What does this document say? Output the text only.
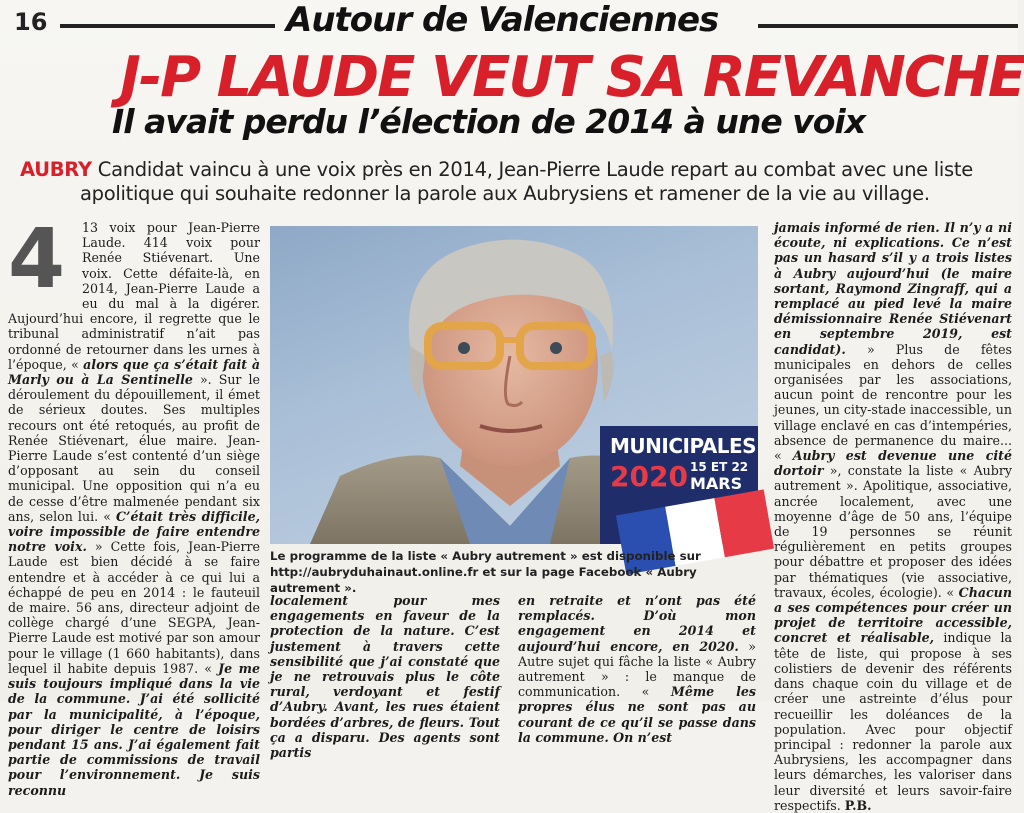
16	Autour de Valenciennes
J-P LAUDE VEUT SA REVANCHE
Il avait perdu l’élection de 2014 à une voix
AUBRY Candidat vaincu à une voix près en 2014, Jean-Pierre Laude repart au combat avec une liste
apolitique qui souhaite redonner la parole aux Aubrysiens et ramener de la vie au village.
4	13 voix pour Jean-Pierre Laude. 414 voix pour Renée Stiévenart. Une voix. Cette défaite-là, en 2014, Jean-Pierre Laude a eu du mal à la digérer. Aujourd’hui encore, il regrette que le tribunal administratif n’ait pas ordonné de retourner dans les urnes à l’époque, « alors que ça s’était fait à Marly ou à La Sentinelle ». Sur le déroulement du dépouillement, il émet de sérieux doutes. Ses multiples recours ont été retoqués, au profit de Renée Stiévenart, élue maire. Jean-Pierre Laude s’est contenté d’un siège d’opposant au sein du conseil municipal. Une opposition qui n’a eu de cesse d’être malmenée pendant six ans, selon lui. « C’était très difficile, voire impossible de faire entendre notre voix. » Cette fois, Jean-Pierre Laude est bien décidé à se faire entendre et à accéder à ce qui lui a échappé de peu en 2014 : le fauteuil de maire. 56 ans, directeur adjoint de collège chargé d’une SEGPA, Jean-Pierre Laude est motivé par son amour pour le village (1 660 habitants), dans lequel il habite depuis 1987. « Je me suis toujours impliqué dans la vie de la commune. J’ai été sollicité par la municipalité, à l’époque, pour diriger le centre de loisirs pendant 15 ans. J’ai également fait partie de commissions de travail pour l’environnement. Je suis reconnu
MUNICIPALES
2020 15 ET 22
MARS
Le programme de la liste « Aubry autrement » est disponible sur http://aubryduhainaut.online.fr et sur la page Facebook « Aubry autrement ».
localement pour mes engagements en faveur de la protection de la nature. C’est justement à travers cette sensibilité que j’ai constaté que je ne retrouvais plus le côte rural, verdoyant et festif d’Aubry. Avant, les rues étaient bordées d’arbres, de fleurs. Tout ça a disparu. Des agents sont partis
en retraite et n’ont pas été remplacés. D’où mon engagement en 2014 et aujourd’hui encore, en 2020. » Autre sujet qui fâche la liste « Aubry autrement » : le manque de communication. « Même les propres élus ne sont pas au courant de ce qu’il se passe dans la commune. On n’est
jamais informé de rien. Il n’y a ni écoute, ni explications. Ce n’est pas un hasard s’il y a trois listes à Aubry aujourd’hui (le maire sortant, Raymond Zingraff, qui a remplacé au pied levé la maire démissionnaire Renée Stiévenart en septembre 2019, est candidat). » Plus de fêtes municipales en dehors de celles organisées par les associations, aucun point de rencontre pour les jeunes, un city-stade inaccessible, un village enclavé en cas d’intempéries, absence de permanence du maire... « Aubry est devenue une cité dortoir », constate la liste « Aubry autrement ». Apolitique, associative, ancrée localement, avec une moyenne d’âge de 50 ans, l’équipe de 19 personnes se réunit régulièrement en petits groupes pour débattre et proposer des idées par thématiques (vie associative, travaux, écoles, écologie). « Chacun a ses compétences pour créer un projet de territoire accessible, concret et réalisable, indique la tête de liste, qui propose à ses colistiers de devenir des référents dans chaque coin du village et de créer une astreinte d’élus pour recueillir les doléances de la population. Avec pour objectif principal : redonner la parole aux Aubrysiens, les accompagner dans leurs démarches, les valoriser dans leur diversité et leurs savoir-faire respectifs. P.B.
